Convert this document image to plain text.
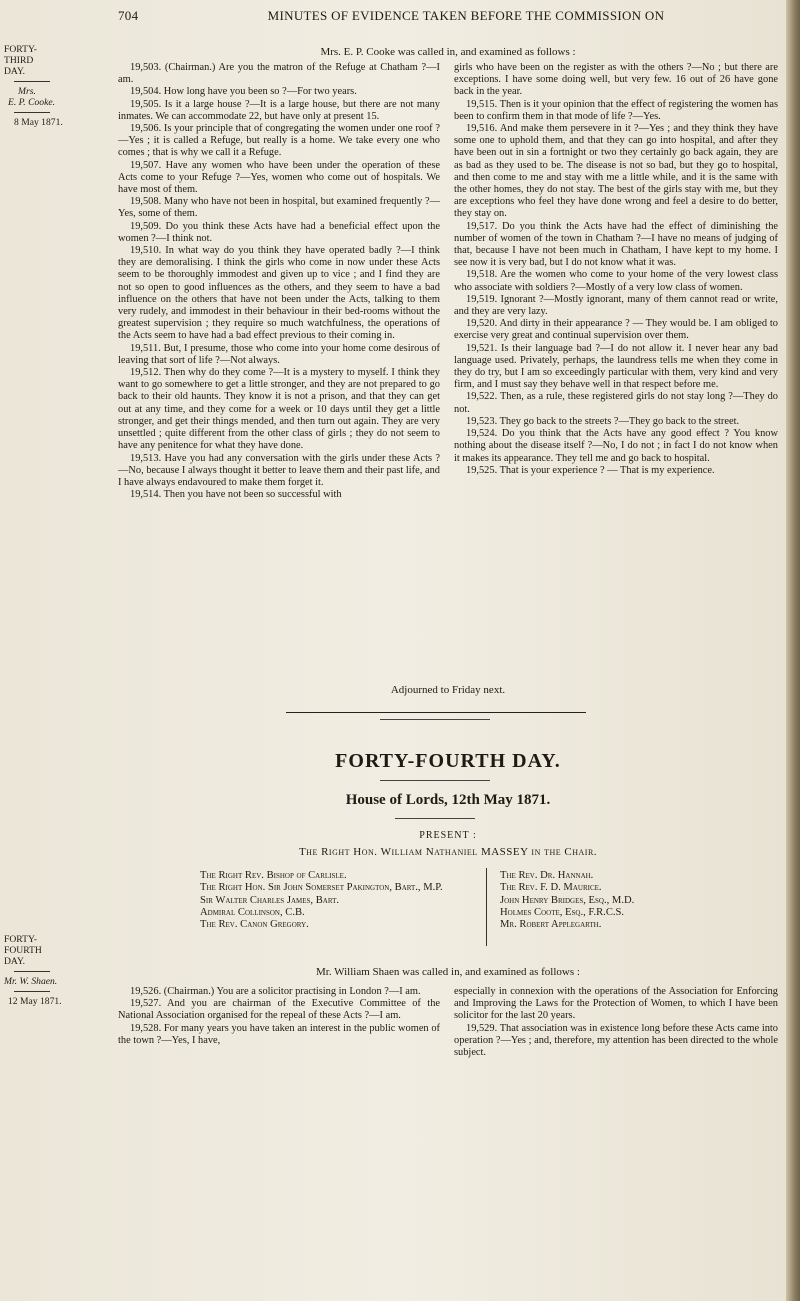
704	MINUTES OF EVIDENCE TAKEN BEFORE THE COMMISSION ON
FORTY-THIRD DAY.
Mrs.
E. P. Cooke.
8 May 1871.
Mrs. E. P. Cooke was called in, and examined as follows :

19,503. (Chairman.) Are you the matron of the Refuge at Chatham ?—I am.

19,504. How long have you been so ?—For two years.

19,505. Is it a large house ?—It is a large house, but there are not many inmates. We can accommodate 22, but have only at present 15.

19,506. Is your principle that of congregating the women under one roof ?—Yes ; it is called a Refuge, but really is a home. We take every one who comes ; that is why we call it a Refuge.

19,507. Have any women who have been under the operation of these Acts come to your Refuge ?—Yes, women who come out of hospitals. We have most of them.

19,508. Many who have not been in hospital, but examined frequently ?—Yes, some of them.

19,509. Do you think these Acts have had a beneficial effect upon the women ?—I think not.

19,510. In what way do you think they have operated badly ?—I think they are demoralising. I think the girls who come in now under these Acts seem to be thoroughly immodest and given up to vice ; and I find they are not so open to good influences as the others, and they seem to have a bad influence on the others that have not been under the Acts, talking to them very rudely, and immodest in their behaviour in their bed-rooms without the greatest supervision ; they require so much watchfulness, the operations of the Acts seem to have had a bad effect previous to their coming in.

19,511. But, I presume, those who come into your home come desirous of leaving that sort of life ?—Not always.

19,512. Then why do they come ?—It is a mystery to myself. I think they want to go somewhere to get a little stronger, and they are not prepared to go back to their old haunts. They know it is not a prison, and that they can get out at any time, and they come for a week or 10 days until they get a little stronger, and get their things mended, and then turn out again. They are very unsettled ; quite different from the other class of girls ; they do not seem to have any penitence for what they have done.

19,513. Have you had any conversation with the girls under these Acts ?—No, because I always thought it better to leave them and their past life, and I have always endavoured to make them forget it.

19,514. Then you have not been so successful with

girls who have been on the register as with the others ?—No ; but there are exceptions. I have some doing well, but very few. 16 out of 26 have gone back in the year.

19,515. Then is it your opinion that the effect of registering the women has been to confirm them in that mode of life ?—Yes.

19,516. And make them persevere in it ?—Yes ; and they think they have some one to uphold them, and that they can go into hospital, and after they have been out in sin a fortnight or two they certainly go back again, they are as bad as they used to be. The disease is not so bad, but they go to hospital, and then come to me and stay with me a little while, and it is the same with the other homes, they do not stay. The best of the girls stay with me, but they are exceptions who feel they have done wrong and feel a desire to do better, they stay on.

19,517. Do you think the Acts have had the effect of diminishing the number of women of the town in Chatham ?—I have no means of judging of that, because I have not been much in Chatham, I have kept to my home. I see now it is very bad, but I do not know what it was.

19,518. Are the women who come to your home of the very lowest class who associate with soldiers ?—Mostly of a very low class of women.

19,519. Ignorant ?—Mostly ignorant, many of them cannot read or write, and they are very lazy.

19,520. And dirty in their appearance ? — They would be. I am obliged to exercise very great and continual supervision over them.

19,521. Is their language bad ?—I do not allow it. I never hear any bad language used. Privately, perhaps, the laundress tells me when they come in they do try, but I am so exceedingly particular with them, very kind and very firm, and I must say they behave well in that respect before me.

19,522. Then, as a rule, these registered girls do not stay long ?—They do not.

19,523. They go back to the streets ?—They go back to the street.

19,524. Do you think that the Acts have any good effect ? You know nothing about the disease itself ?—No, I do not ; in fact I do not know when it makes its appearance. They tell me and go back to hospital.

19,525. That is your experience ? — That is my experience.

Adjourned to Friday next.
FORTY-FOURTH DAY.
House of Lords, 12th May 1871.
PRESENT :
The Right Hon. William Nathaniel MASSEY in the Chair.
The Right Rev. Bishop of Carlisle.
The Right Hon. Sir John Somerset Pakington, Bart., M.P.
Sir Walter Charles James, Bart.
Admiral Collinson, C.B.
The Rev. Canon Gregory.
The Rev. Dr. Hannah.
The Rev. F. D. Maurice.
John Henry Bridges, Esq., M.D.
Holmes Coote, Esq., F.R.C.S.
Mr. Robert Applegarth.
FORTY-FOURTH DAY.
Mr. W. Shaen.
12 May 1871.
Mr. William Shaen was called in, and examined as follows :

19,526. (Chairman.) You are a solicitor practising in London ?—I am.

19,527. And you are chairman of the Executive Committee of the National Association organised for the repeal of these Acts ?—I am.

19,528. For many years you have taken an interest in the public women of the town ?—Yes, I have,

especially in connexion with the operations of the Association for Enforcing and Improving the Laws for the Protection of Women, to which I have been solicitor for the last 20 years.

19,529. That association was in existence long before these Acts came into operation ?—Yes ; and, therefore, my attention has been directed to the whole subject.
